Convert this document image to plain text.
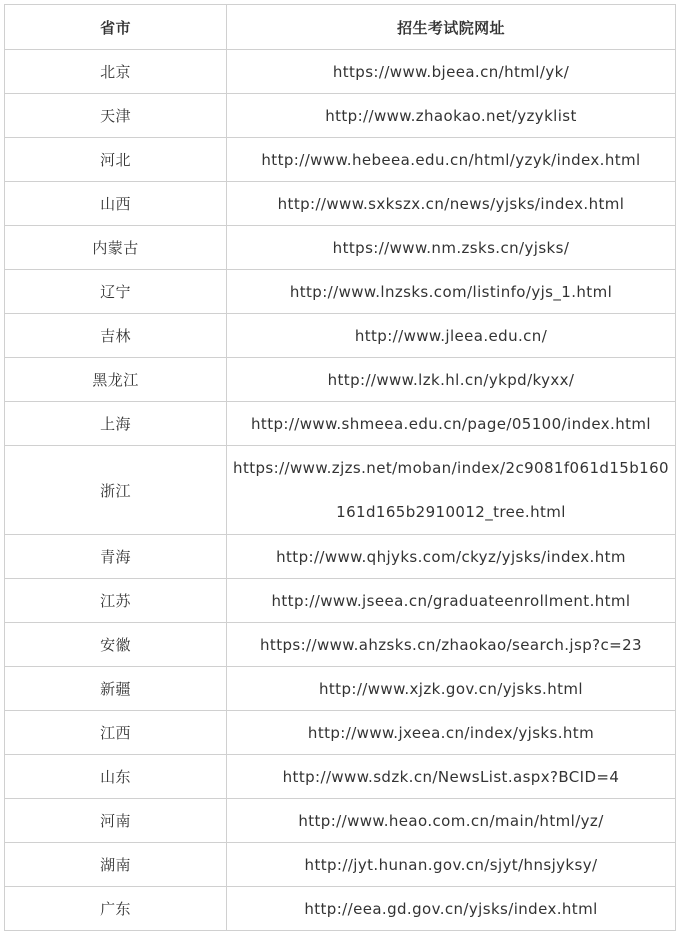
省市	招生考试院网址
北京	https://www.bjeea.cn/html/yk/
天津	http://www.zhaokao.net/yzyklist
河北	http://www.hebeea.edu.cn/html/yzyk/index.html
山西	http://www.sxkszx.cn/news/yjsks/index.html
内蒙古	https://www.nm.zsks.cn/yjsks/
辽宁	http://www.lnzsks.com/listinfo/yjs_1.html
吉林	http://www.jleea.edu.cn/
黑龙江	http://www.lzk.hl.cn/ykpd/kyxx/
上海	http://www.shmeea.edu.cn/page/05100/index.html
浙江	https://www.zjzs.net/moban/index/2c9081f061d15b160161d165b2910012_tree.html
青海	http://www.qhjyks.com/ckyz/yjsks/index.htm
江苏	http://www.jseea.cn/graduateenrollment.html
安徽	https://www.ahzsks.cn/zhaokao/search.jsp?c=23
新疆	http://www.xjzk.gov.cn/yjsks.html
江西	http://www.jxeea.cn/index/yjsks.htm
山东	http://www.sdzk.cn/NewsList.aspx?BCID=4
河南	http://www.heao.com.cn/main/html/yz/
湖南	http://jyt.hunan.gov.cn/sjyt/hnsjyksy/
广东	http://eea.gd.gov.cn/yjsks/index.html
